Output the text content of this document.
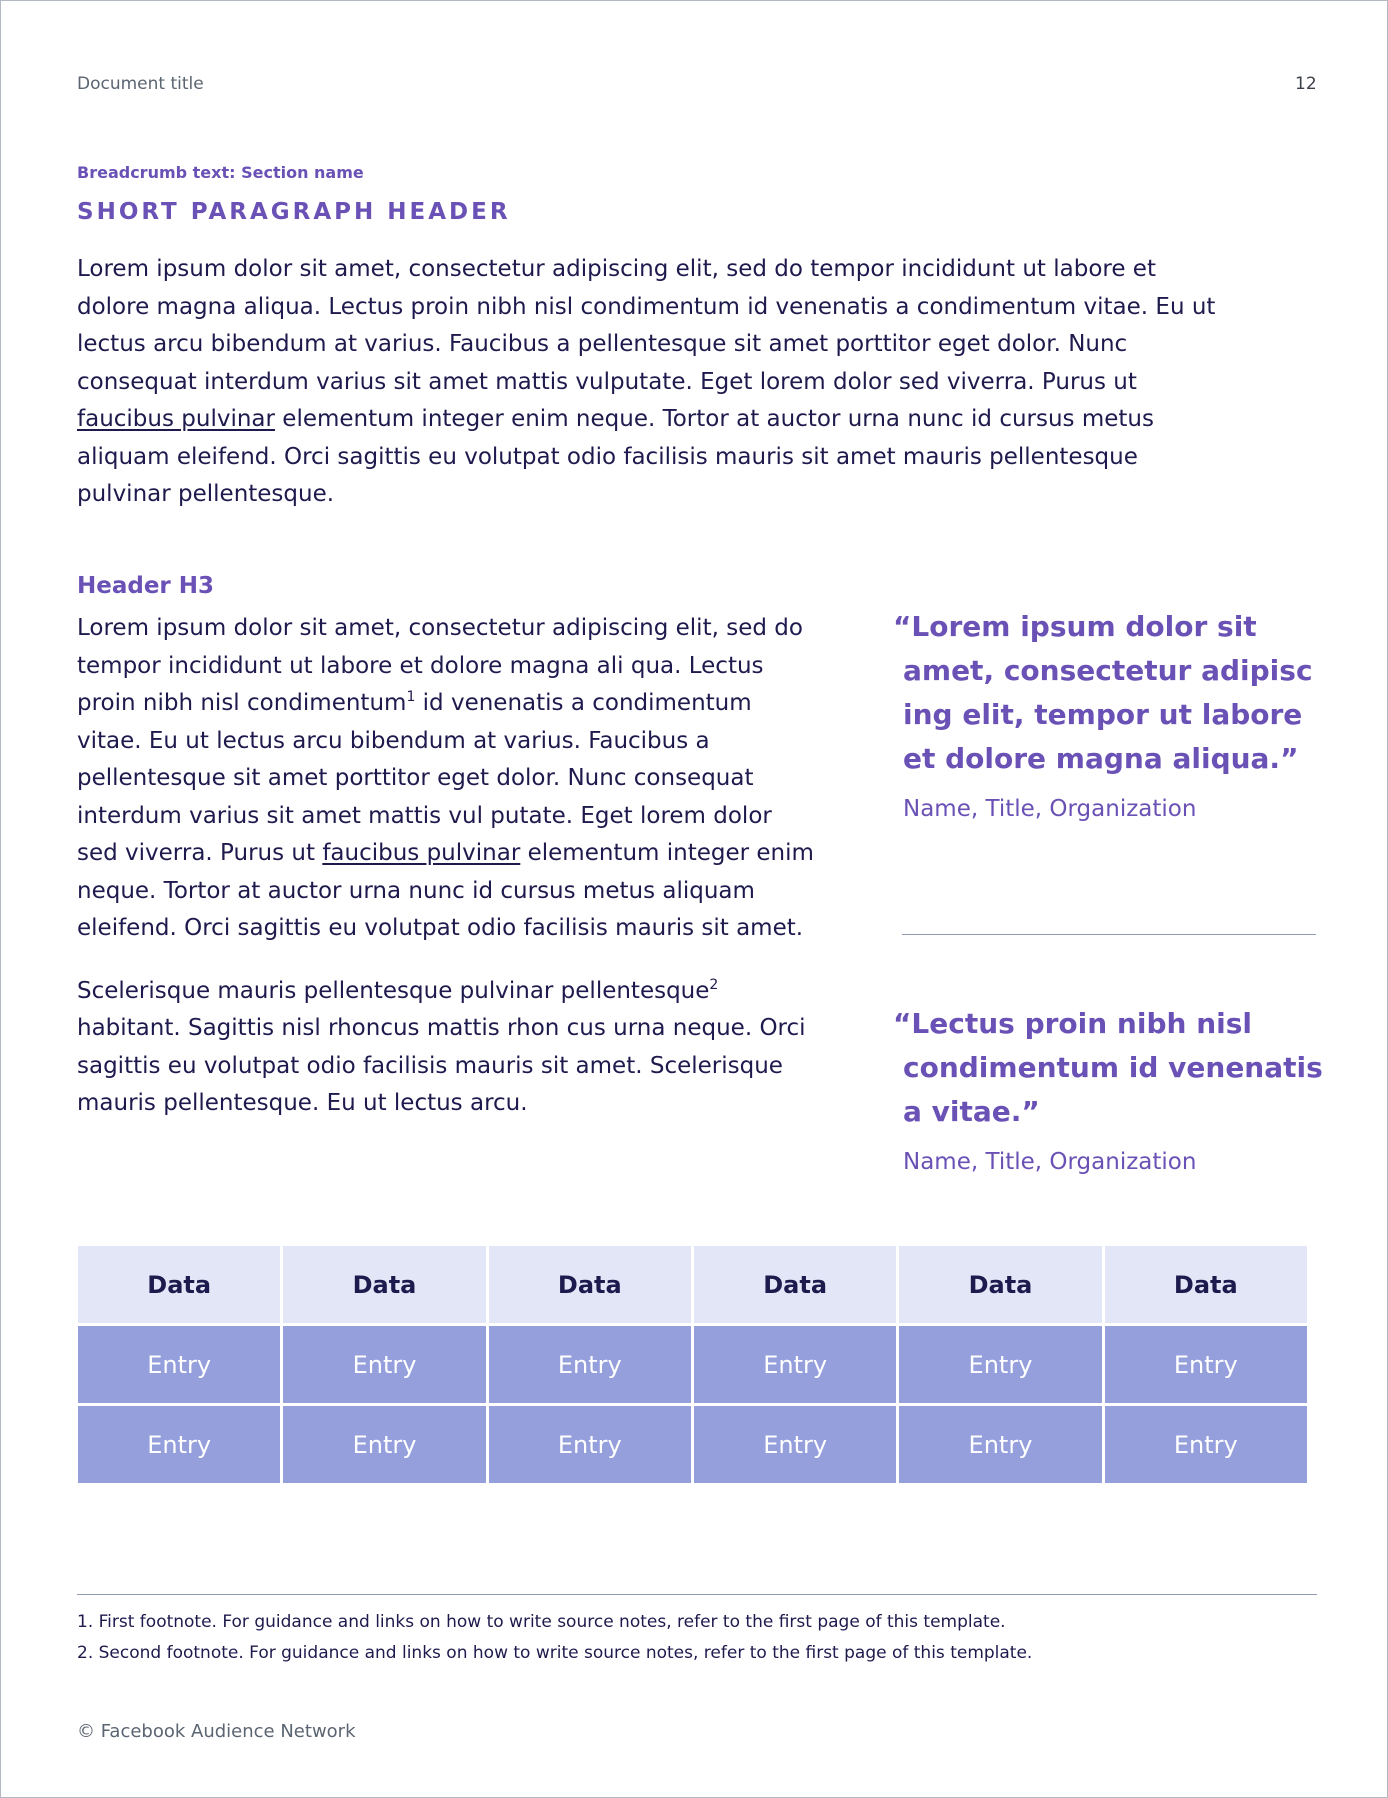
Document title	12
Breadcrumb text: Section name
SHORT PARAGRAPH HEADER

Lorem ipsum dolor sit amet, consectetur adipiscing elit, sed do tempor incididunt ut labore et dolore magna aliqua. Lectus proin nibh nisl condimentum id venenatis a condimentum vitae. Eu ut lectus arcu bibendum at varius. Faucibus a pellentesque sit amet porttitor eget dolor. Nunc consequat interdum varius sit amet mattis vulputate. Eget lorem dolor sed viverra. Purus ut faucibus pulvinar elementum integer enim neque. Tortor at auctor urna nunc id cursus metus aliquam eleifend. Orci sagittis eu volutpat odio facilisis mauris sit amet mauris pellentesque pulvinar pellentesque.

Header H3

Lorem ipsum dolor sit amet, consectetur adipiscing elit, sed do tempor incididunt ut labore et dolore magna ali qua. Lectus proin nibh nisl condimentum$^1$ id venenatis a condimentum vitae. Eu ut lectus arcu bibendum at varius. Faucibus a pellentesque sit amet porttitor eget dolor. Nunc consequat interdum varius sit amet mattis vul putate. Eget lorem dolor sed viverra. Purus ut faucibus pulvinar elementum integer enim neque. Tortor at auctor urna nunc id cursus metus aliquam eleifend. Orci sagittis eu volutpat odio facilisis mauris sit amet.

Scelerisque mauris pellentesque pulvinar pellentesque$^2$ habitant. Sagittis nisl rhoncus mattis rhon cus urna neque. Orci sagittis eu volutpat odio facilisis mauris sit amet. Scelerisque mauris pellentesque. Eu ut lectus arcu.

“Lorem ipsum dolor sit amet, consectetur adipisc ing elit, tempor ut labore et dolore magna aliqua.”
Name, Title, Organization
“Lectus proin nibh nisl condimentum id venenatis a vitae.”
Name, Title, Organization
Data	Data	Data	Data	Data	Data
Entry	Entry	Entry	Entry	Entry	Entry
Entry	Entry	Entry	Entry	Entry	Entry
1. First footnote. For guidance and links on how to write source notes, refer to the first page of this template.
2. Second footnote. For guidance and links on how to write source notes, refer to the first page of this template.
© Facebook Audience Network
